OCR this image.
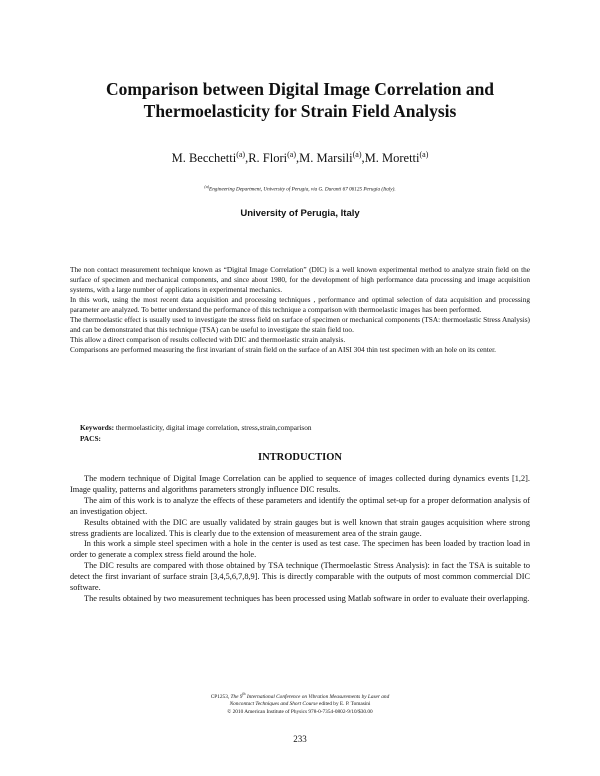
Comparison between Digital Image Correlation and
Thermoelasticity for Strain Field Analysis
M. Becchetti$^{(a)}$,R. Flori$^{(a)}$,M. Marsili$^{(a)}$,M. Moretti$^{(a)}$
$^{(a)}$Engineering Department, University of Perugia, via G. Duranti 67 06125 Perugia (Italy).
University of Perugia, Italy

The non contact measurement technique known as “Digital Image Correlation” (DIC) is a well known experimental method to analyze strain field on the surface of specimen and mechanical components, and since about 1980, for the development of high performance data processing and image acquisition systems, with a large number of applications in experimental mechanics.

In this work, using the most recent data acquisition and processing techniques , performance and optimal selection of data acquisition and processing parameter are analyzed. To better understand the performance of this technique a comparison with thermoelastic images has been performed.

The thermoelastic effect is usually used to investigate the stress field on surface of specimen or mechanical components (TSA: thermoelastic Stress Analysis) and can be demonstrated that this technique (TSA) can be useful to investigate the stain field too.

This allow a direct comparison of results collected with DIC and thermoelastic strain analysis.

Comparisons are performed measuring the first invariant of strain field on the surface of an AISI 304 thin test specimen with an hole on its center.

Keywords: thermoelasticity, digital image correlation, stress,strain,comparison
PACS:
INTRODUCTION

The modern technique of Digital Image Correlation can be applied to sequence of images collected during dynamics events [1,2]. Image quality, patterns and algorithms parameters strongly influence DIC results.

The aim of this work is to analyze the effects of these parameters and identify the optimal set-up for a proper deformation analysis of an investigation object.

Results obtained with the DIC are usually validated by strain gauges but is well known that strain gauges acquisition where strong stress gradients are localized. This is clearly due to the extension of measurement area of the strain gauge.

In this work a simple steel specimen with a hole in the center is used as test case. The specimen has been loaded by traction load in order to generate a complex stress field around the hole.

The DIC results are compared with those obtained by TSA technique (Thermoelastic Stress Analysis): in fact the TSA is suitable to detect the first invariant of surface strain [3,4,5,6,7,8,9]. This is directly comparable with the outputs of most common commercial DIC software.

The results obtained by two measurement techniques has been processed using Matlab software in order to evaluate their overlapping.

CP1253, The 9th International Conference on Vibration Measurements by Laser and
Noncontact Techniques and Short Course edited by E. P. Tomasini
© 2010 American Institute of Physics 978-0-7354-0802-9/10/$30.00
233
